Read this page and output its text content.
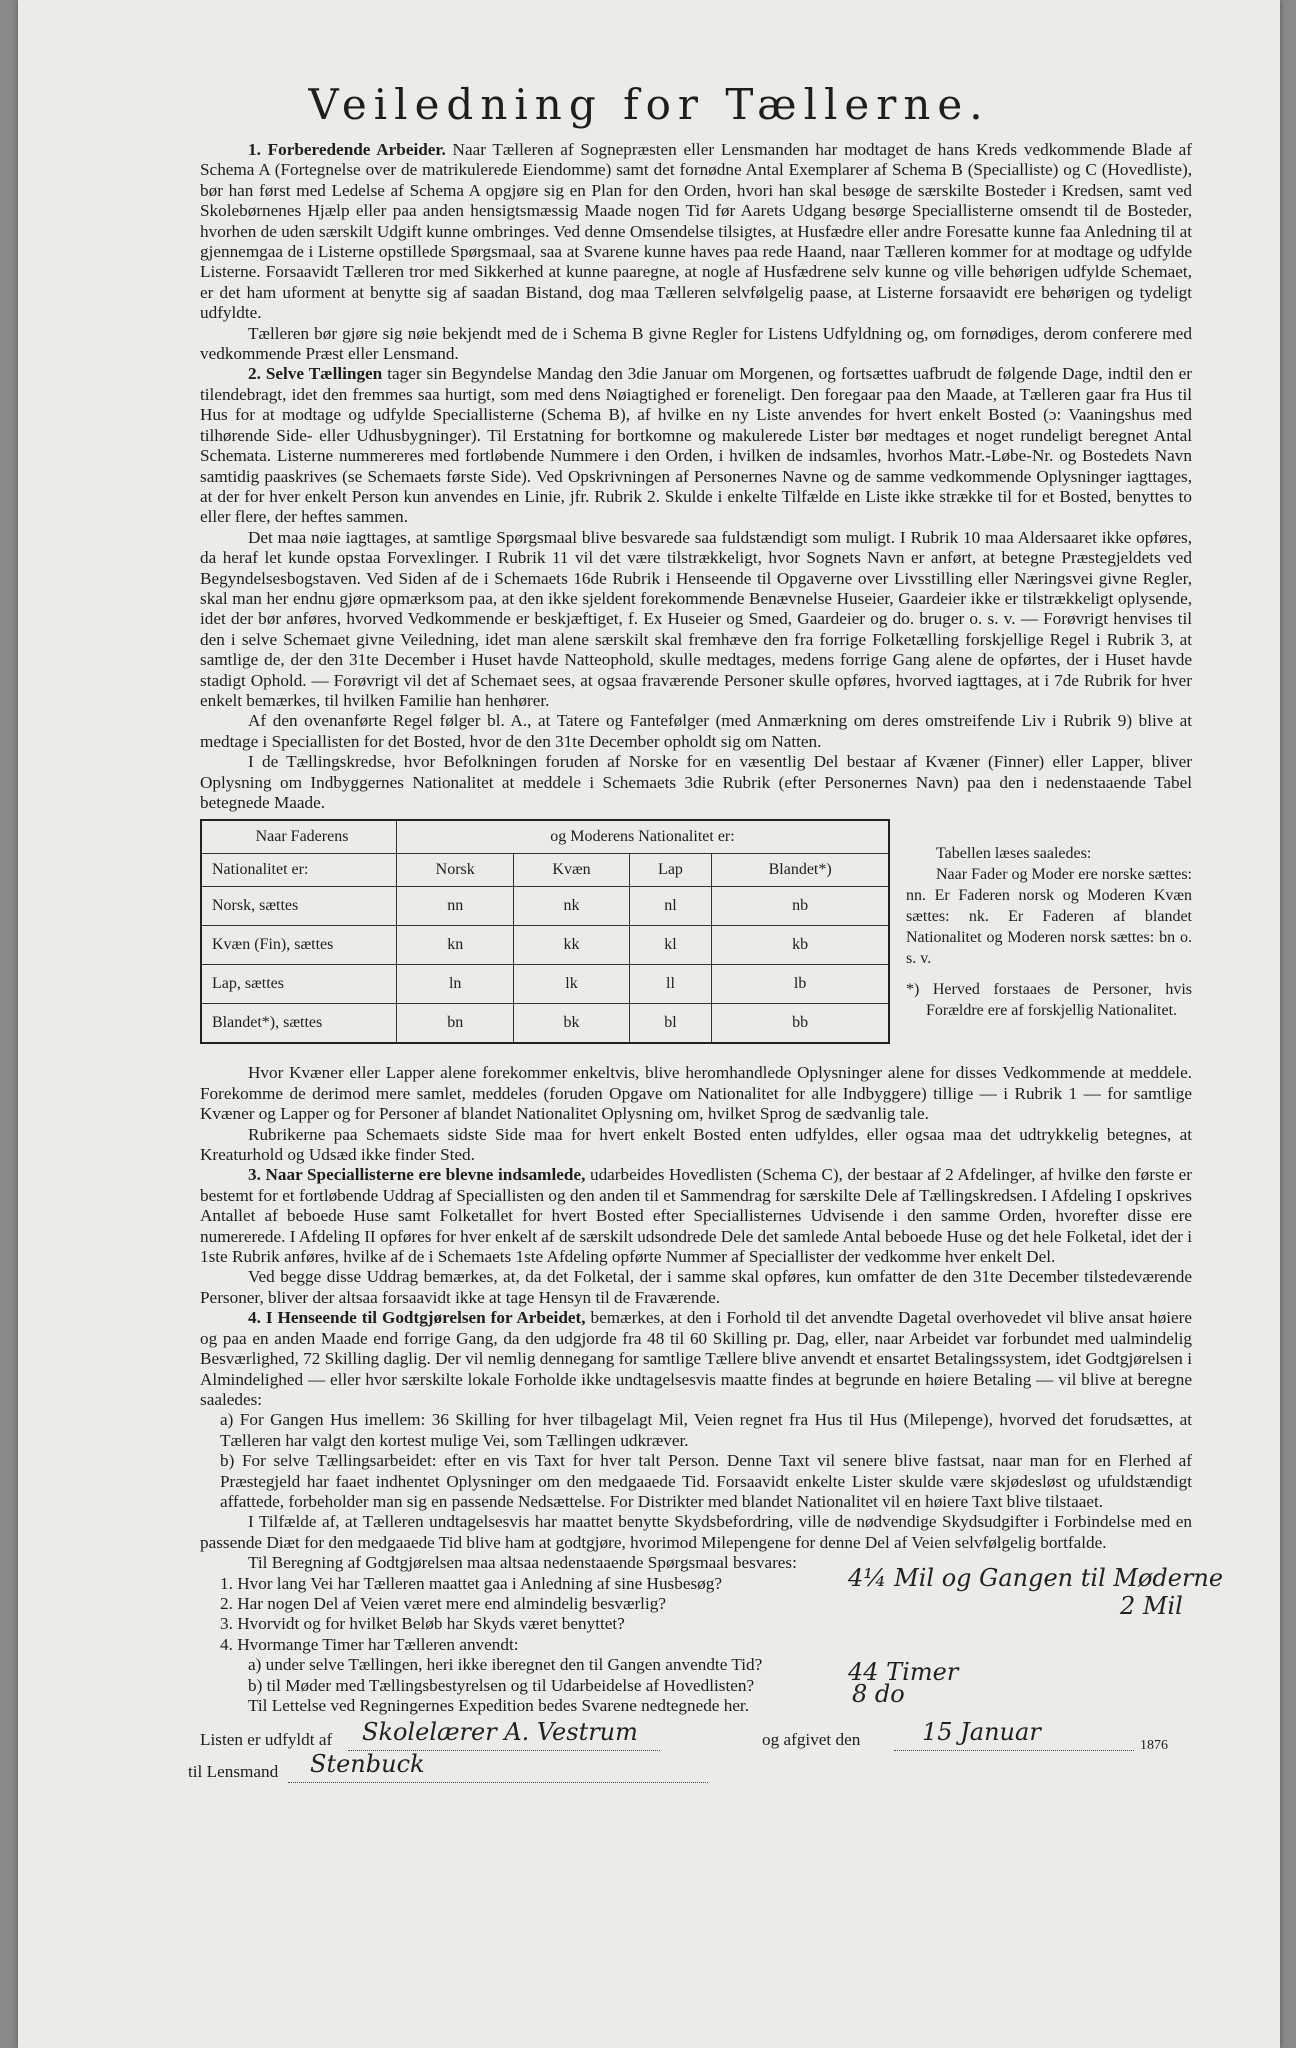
Veiledning for Tællerne.

1. Forberedende Arbeider. Naar Tælleren af Sognepræsten eller Lensmanden har modtaget de hans Kreds vedkommende Blade af Schema A (Fortegnelse over de matrikulerede Eiendomme) samt det fornødne Antal Exemplarer af Schema B (Specialliste) og C (Hovedliste), bør han først med Ledelse af Schema A opgjøre sig en Plan for den Orden, hvori han skal besøge de særskilte Bosteder i Kredsen, samt ved Skolebørnenes Hjælp eller paa anden hensigtsmæssig Maade nogen Tid før Aarets Udgang besørge Speciallisterne omsendt til de Bosteder, hvorhen de uden særskilt Udgift kunne ombringes. Ved denne Omsendelse tilsigtes, at Husfædre eller andre Foresatte kunne faa Anledning til at gjennemgaa de i Listerne opstillede Spørgsmaal, saa at Svarene kunne haves paa rede Haand, naar Tælleren kommer for at modtage og udfylde Listerne. Forsaavidt Tælleren tror med Sikkerhed at kunne paaregne, at nogle af Husfædrene selv kunne og ville behørigen udfylde Schemaet, er det ham uforment at benytte sig af saadan Bistand, dog maa Tælleren selvfølgelig paase, at Listerne forsaavidt ere behørigen og tydeligt udfyldte.

Tælleren bør gjøre sig nøie bekjendt med de i Schema B givne Regler for Listens Udfyldning og, om fornødiges, derom conferere med vedkommende Præst eller Lensmand.

2. Selve Tællingen tager sin Begyndelse Mandag den 3die Januar om Morgenen, og fortsættes uafbrudt de følgende Dage, indtil den er tilendebragt, idet den fremmes saa hurtigt, som med dens Nøiagtighed er foreneligt. Den foregaar paa den Maade, at Tælleren gaar fra Hus til Hus for at modtage og udfylde Speciallisterne (Schema B), af hvilke en ny Liste anvendes for hvert enkelt Bosted (ɔ: Vaaningshus med tilhørende Side- eller Udhusbygninger). Til Erstatning for bortkomne og makulerede Lister bør medtages et noget rundeligt beregnet Antal Schemata. Listerne nummereres med fortløbende Nummere i den Orden, i hvilken de indsamles, hvorhos Matr.-Løbe-Nr. og Bostedets Navn samtidig paaskrives (se Schemaets første Side). Ved Opskrivningen af Personernes Navne og de samme vedkommende Oplysninger iagttages, at der for hver enkelt Person kun anvendes en Linie, jfr. Rubrik 2. Skulde i enkelte Tilfælde en Liste ikke strække til for et Bosted, benyttes to eller flere, der heftes sammen.

Det maa nøie iagttages, at samtlige Spørgsmaal blive besvarede saa fuldstændigt som muligt. I Rubrik 10 maa Aldersaaret ikke opføres, da heraf let kunde opstaa Forvexlinger. I Rubrik 11 vil det være tilstrækkeligt, hvor Sognets Navn er anført, at betegne Præstegjeldets ved Begyndelsesbogstaven. Ved Siden af de i Schemaets 16de Rubrik i Henseende til Opgaverne over Livsstilling eller Næringsvei givne Regler, skal man her endnu gjøre opmærksom paa, at den ikke sjeldent forekommende Benævnelse Huseier, Gaardeier ikke er tilstrækkeligt oplysende, idet der bør anføres, hvorved Vedkommende er beskjæftiget, f. Ex Huseier og Smed, Gaardeier og do. bruger o. s. v. — Forøvrigt henvises til den i selve Schemaet givne Veiledning, idet man alene særskilt skal fremhæve den fra forrige Folketælling forskjellige Regel i Rubrik 3, at samtlige de, der den 31te December i Huset havde Natteophold, skulle medtages, medens forrige Gang alene de opførtes, der i Huset havde stadigt Ophold. — Forøvrigt vil det af Schemaet sees, at ogsaa fraværende Personer skulle opføres, hvorved iagttages, at i 7de Rubrik for hver enkelt bemærkes, til hvilken Familie han henhører.

Af den ovenanførte Regel følger bl. A., at Tatere og Fantefølger (med Anmærkning om deres omstreifende Liv i Rubrik 9) blive at medtage i Speciallisten for det Bosted, hvor de den 31te December opholdt sig om Natten.

I de Tællingskredse, hvor Befolkningen foruden af Norske for en væsentlig Del bestaar af Kvæner (Finner) eller Lapper, bliver Oplysning om Indbyggernes Nationalitet at meddele i Schemaets 3die Rubrik (efter Personernes Navn) paa den i nedenstaaende Tabel betegnede Maade.

Naar Faderens	og Moderens Nationalitet er:			
Nationalitet er:	Norsk	Kvæn	Lap	Blandet*)
Norsk, sættes	nn	nk	nl	nb
Kvæn (Fin), sættes	kn	kk	kl	kb
Lap, sættes	ln	lk	ll	lb
Blandet*), sættes	bn	bk	bl	bb

Tabellen læses saaledes:

Naar Fader og Moder ere norske sættes: nn. Er Faderen norsk og Moderen Kvæn sættes: nk. Er Faderen af blandet Nationalitet og Moderen norsk sættes: bn o. s. v.

*) Herved forstaaes de Personer, hvis Forældre ere af forskjellig Nationalitet.

Hvor Kvæner eller Lapper alene forekommer enkeltvis, blive heromhandlede Oplysninger alene for disses Vedkommende at meddele. Forekomme de derimod mere samlet, meddeles (foruden Opgave om Nationalitet for alle Indbyggere) tillige — i Rubrik 1 — for samtlige Kvæner og Lapper og for Personer af blandet Nationalitet Oplysning om, hvilket Sprog de sædvanlig tale.

Rubrikerne paa Schemaets sidste Side maa for hvert enkelt Bosted enten udfyldes, eller ogsaa maa det udtrykkelig betegnes, at Kreaturhold og Udsæd ikke finder Sted.

3. Naar Speciallisterne ere blevne indsamlede, udarbeides Hovedlisten (Schema C), der bestaar af 2 Afdelinger, af hvilke den første er bestemt for et fortløbende Uddrag af Speciallisten og den anden til et Sammendrag for særskilte Dele af Tællingskredsen. I Afdeling I opskrives Antallet af beboede Huse samt Folketallet for hvert Bosted efter Speciallisternes Udvisende i den samme Orden, hvorefter disse ere numererede. I Afdeling II opføres for hver enkelt af de særskilt udsondrede Dele det samlede Antal beboede Huse og det hele Folketal, idet der i 1ste Rubrik anføres, hvilke af de i Schemaets 1ste Afdeling opførte Nummer af Speciallister der vedkomme hver enkelt Del.

Ved begge disse Uddrag bemærkes, at, da det Folketal, der i samme skal opføres, kun omfatter de den 31te December tilstedeværende Personer, bliver der altsaa forsaavidt ikke at tage Hensyn til de Fraværende.

4. I Henseende til Godtgjørelsen for Arbeidet, bemærkes, at den i Forhold til det anvendte Dagetal overhovedet vil blive ansat høiere og paa en anden Maade end forrige Gang, da den udgjorde fra 48 til 60 Skilling pr. Dag, eller, naar Arbeidet var forbundet med ualmindelig Besværlighed, 72 Skilling daglig. Der vil nemlig dennegang for samtlige Tællere blive anvendt et ensartet Betalingssystem, idet Godtgjørelsen i Almindelighed — eller hvor særskilte lokale Forholde ikke undtagelsesvis maatte findes at begrunde en høiere Betaling — vil blive at beregne saaledes:

a) For Gangen Hus imellem: 36 Skilling for hver tilbagelagt Mil, Veien regnet fra Hus til Hus (Milepenge), hvorved det forudsættes, at Tælleren har valgt den kortest mulige Vei, som Tællingen udkræver.

b) For selve Tællingsarbeidet: efter en vis Taxt for hver talt Person. Denne Taxt vil senere blive fastsat, naar man for en Flerhed af Præstegjeld har faaet indhentet Oplysninger om den medgaaede Tid. Forsaavidt enkelte Lister skulde være skjødesløst og ufuldstændigt affattede, forbeholder man sig en passende Nedsættelse. For Distrikter med blandet Nationalitet vil en høiere Taxt blive tilstaaet.

I Tilfælde af, at Tælleren undtagelsesvis har maattet benytte Skydsbefordring, ville de nødvendige Skydsudgifter i Forbindelse med en passende Diæt for den medgaaede Tid blive ham at godtgjøre, hvorimod Milepengene for denne Del af Veien selvfølgelig bortfalde.

Til Beregning af Godtgjørelsen maa altsaa nedenstaaende Spørgsmaal besvares:

1. Hvor lang Vei har Tælleren maattet gaa i Anledning af sine Husbesøg?
2. Har nogen Del af Veien været mere end almindelig besværlig?
3. Hvorvidt og for hvilket Beløb har Skyds været benyttet?
4. Hvormange Timer har Tælleren anvendt:
a) under selve Tællingen, heri ikke iberegnet den til Gangen anvendte Tid?
b) til Møder med Tællingsbestyrelsen og til Udarbeidelse af Hovedlisten?
Til Lettelse ved Regningernes Expedition bedes Svarene nedtegnede her.
4¼ Mil og Gangen til Møderne
2 Mil
44 Timer
8 do
Listen er udfyldt af Skolelærer A. Vestrum	og afgivet den	15 Januar	1876
til Lensmand Stenbuck
